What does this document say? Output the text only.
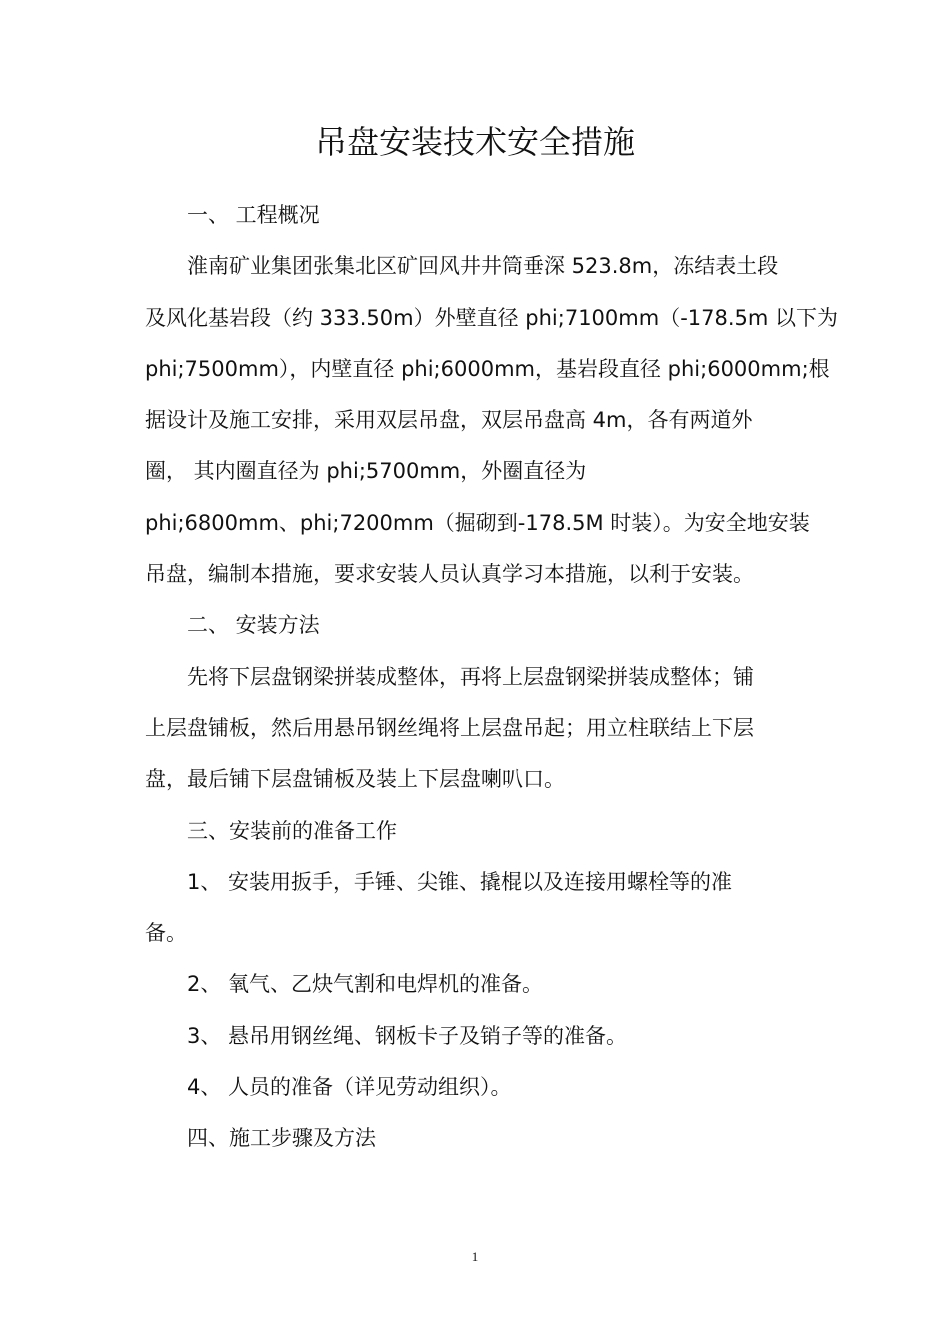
吊盘安装技术安全措施
一、 工程概况
淮南矿业集团张集北区矿回风井井筒垂深 523.8m，冻结表土段
及风化基岩段（约 333.50m）外壁直径 phi;7100mm（-178.5m 以下为
phi;7500mm），内壁直径 phi;6000mm，基岩段直径 phi;6000mm;根
据设计及施工安排，采用双层吊盘，双层吊盘高 4m，各有两道外
圈， 其内圈直径为 phi;5700mm，外圈直径为
phi;6800mm、phi;7200mm（掘砌到-178.5M 时装）。为安全地安装
吊盘，编制本措施，要求安装人员认真学习本措施，以利于安装。
二、 安装方法
先将下层盘钢梁拼装成整体，再将上层盘钢梁拼装成整体；铺
上层盘铺板，然后用悬吊钢丝绳将上层盘吊起；用立柱联结上下层
盘，最后铺下层盘铺板及装上下层盘喇叭口。
三、安装前的准备工作
1、 安装用扳手，手锤、尖锥、撬棍以及连接用螺栓等的准
备。
2、 氧气、乙炔气割和电焊机的准备。
3、 悬吊用钢丝绳、钢板卡子及销子等的准备。
4、 人员的准备（详见劳动组织）。
四、施工步骤及方法
1
